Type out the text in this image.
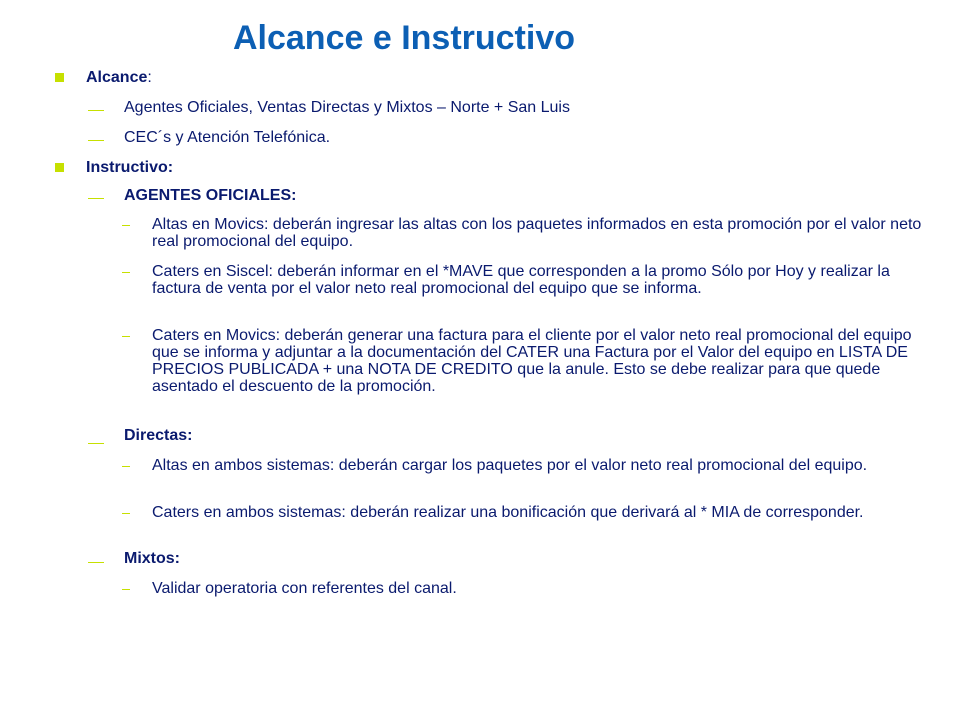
Alcance e Instructivo
Alcance:
Agentes Oficiales, Ventas Directas y Mixtos – Norte + San Luis
CEC´s y Atención Telefónica.
Instructivo:
AGENTES OFICIALES:
Altas en Movics: deberán ingresar las altas con los paquetes informados en esta promoción por el valor neto real promocional del equipo.
Caters en Siscel: deberán informar en el *MAVE que corresponden a la promo Sólo por Hoy y realizar la factura de venta por el valor neto real promocional del equipo que se informa.
Caters en Movics: deberán generar una factura para el cliente por el valor neto real promocional del equipo que se informa y adjuntar a la documentación del CATER una Factura por el Valor del equipo en LISTA DE PRECIOS PUBLICADA + una NOTA DE CREDITO que la anule. Esto se debe realizar para que quede asentado el descuento de la promoción.
Directas:
Altas en ambos sistemas: deberán cargar los paquetes por el valor neto real promocional del equipo.
Caters en ambos sistemas: deberán realizar una bonificación que derivará al * MIA de corresponder.
Mixtos:
Validar operatoria con referentes del canal.
